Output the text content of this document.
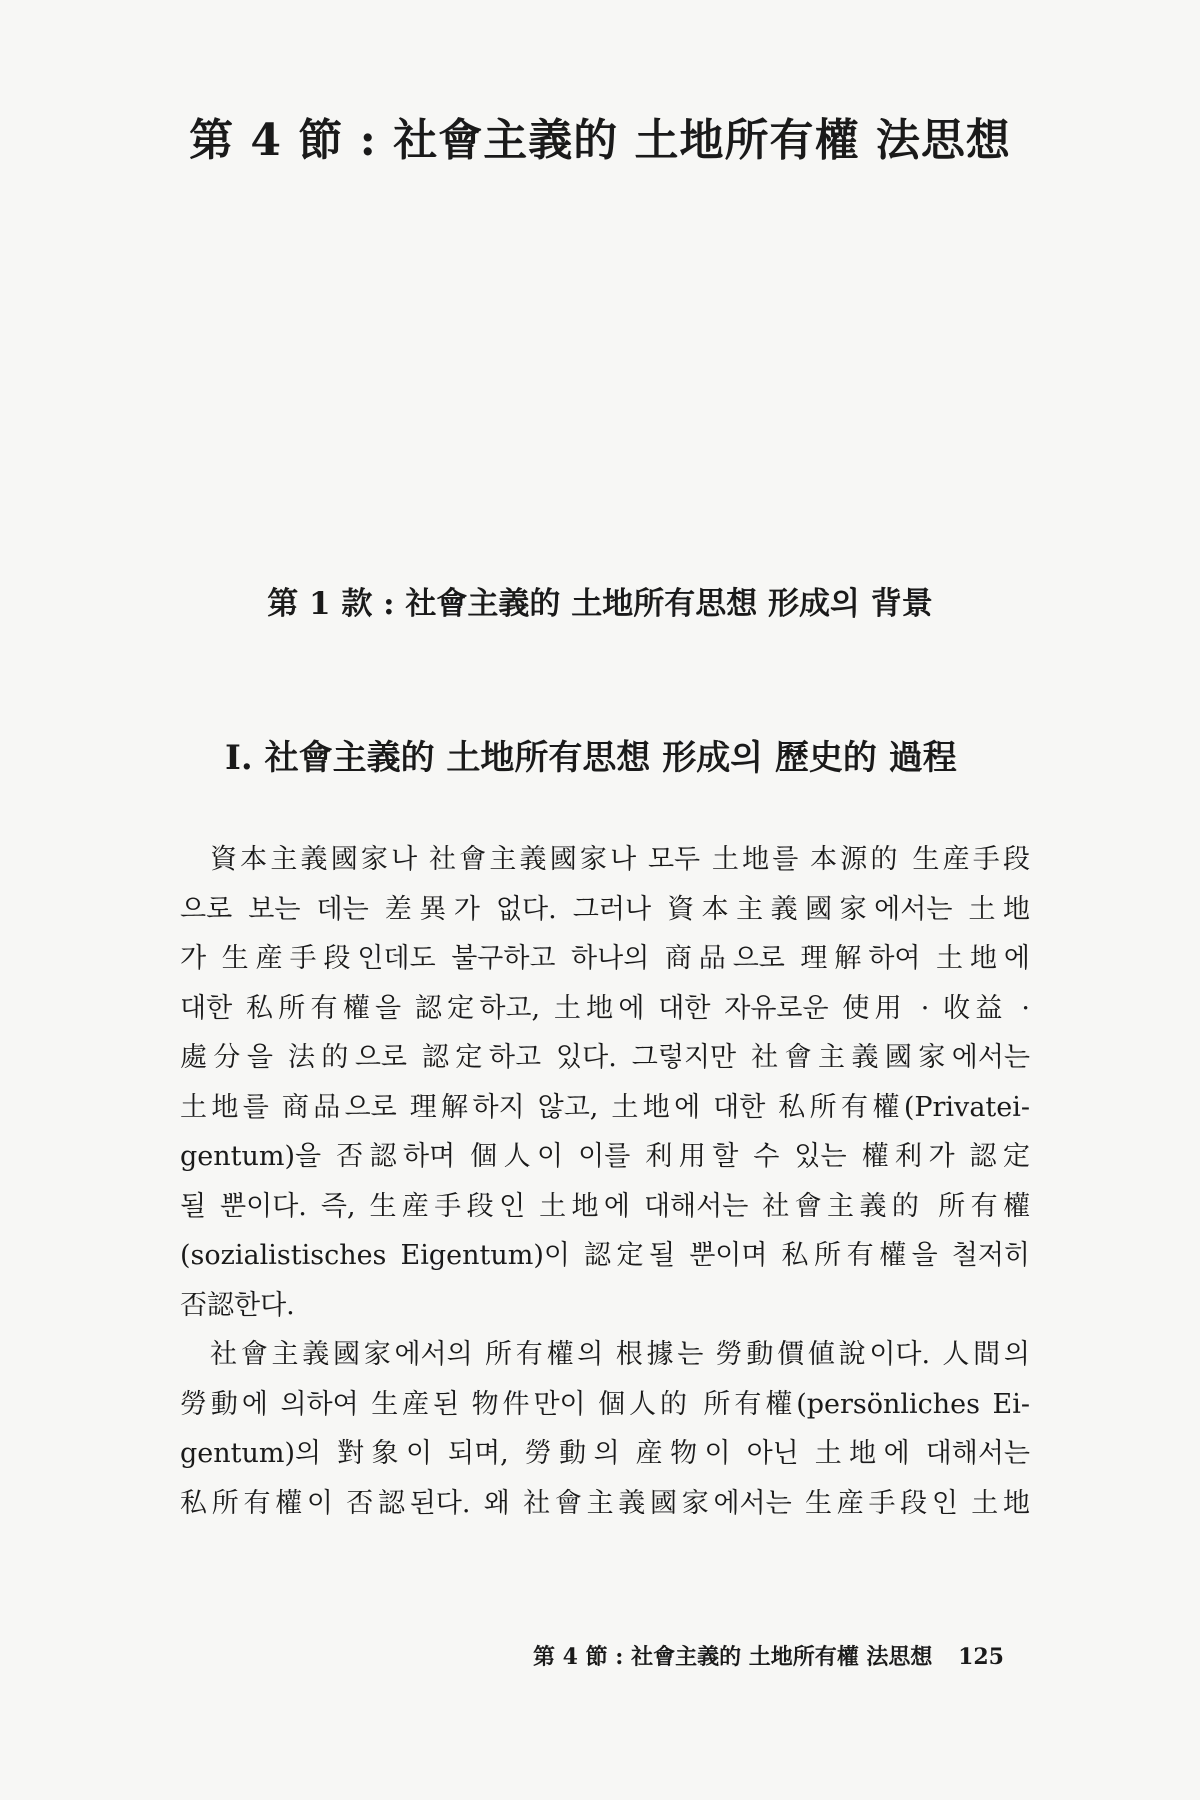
第 4 節 : 社會主義的 土地所有權 法思想
第 1 款 : 社會主義的 土地所有思想 形成의 背景
Ⅰ. 社會主義的 土地所有思想 形成의 歷史的 過程
資本主義國家나 社會主義國家나 모두 土地를 本源的 生産手段
으로 보는 데는 差異가 없다. 그러나 資本主義國家에서는 土地
가 生産手段인데도 불구하고 하나의 商品으로 理解하여 土地에
대한 私所有權을 認定하고, 土地에 대한 자유로운 使用 · 收益 ·
處分을 法的으로 認定하고 있다. 그렇지만 社會主義國家에서는
土地를 商品으로 理解하지 않고, 土地에 대한 私所有權(Privatei-
gentum)을 否認하며 個人이 이를 利用할 수 있는 權利가 認定
될 뿐이다. 즉, 生産手段인 土地에 대해서는 社會主義的 所有權
(sozialistisches Eigentum)이 認定될 뿐이며 私所有權을 철저히
否認한다.
社會主義國家에서의 所有權의 根據는 勞動價値說이다. 人間의
勞動에 의하여 生産된 物件만이 個人的 所有權(persönliches Ei-
gentum)의 對象이 되며, 勞動의 産物이 아닌 土地에 대해서는
私所有權이 否認된다. 왜 社會主義國家에서는 生産手段인 土地
第 4 節 : 社會主義的 土地所有權 法思想 125
